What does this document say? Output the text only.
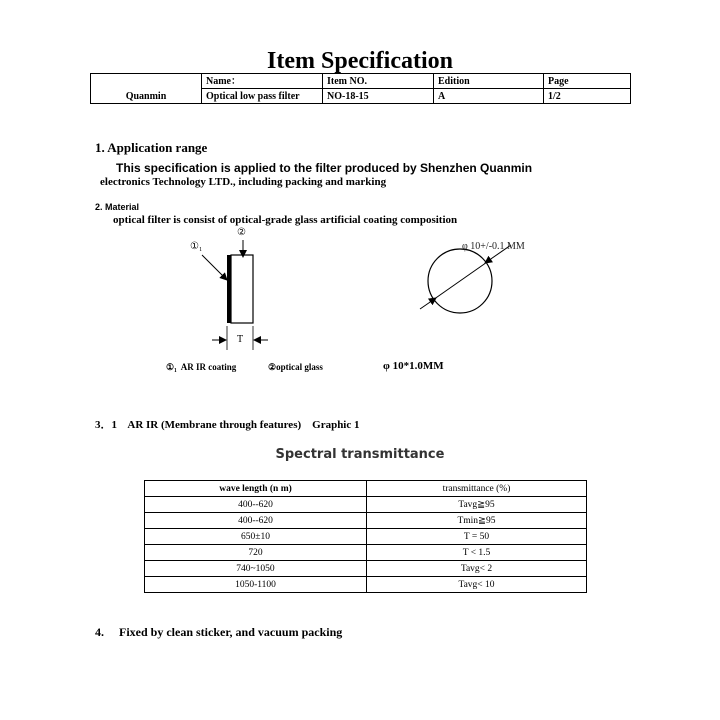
Item Specification
Quanmin	Name：	Item NO.	Edition	Page
	Optical low pass filter	NO-18-15	A	1/2
1. Application range
This specification is applied to the filter produced by Shenzhen Quanmin
electronics Technology LTD., including packing and marking
2. Material
optical filter is consist of optical-grade glass artificial coating composition
①₁
②
T
φ 10+/-0.1 MM
①₁  AR IR coating	②optical glass	φ 10*1.0MM
3．1    AR IR (Membrane through features)    Graphic 1
Spectral transmittance
wave length (n m)	transmittance (%)
400--620	Tavg≧95
400--620	Tmin≧95
650±10	T = 50
720	T < 1.5
740~1050	Tavg< 2
1050-1100	Tavg< 10
4.     Fixed by clean sticker, and vacuum packing
